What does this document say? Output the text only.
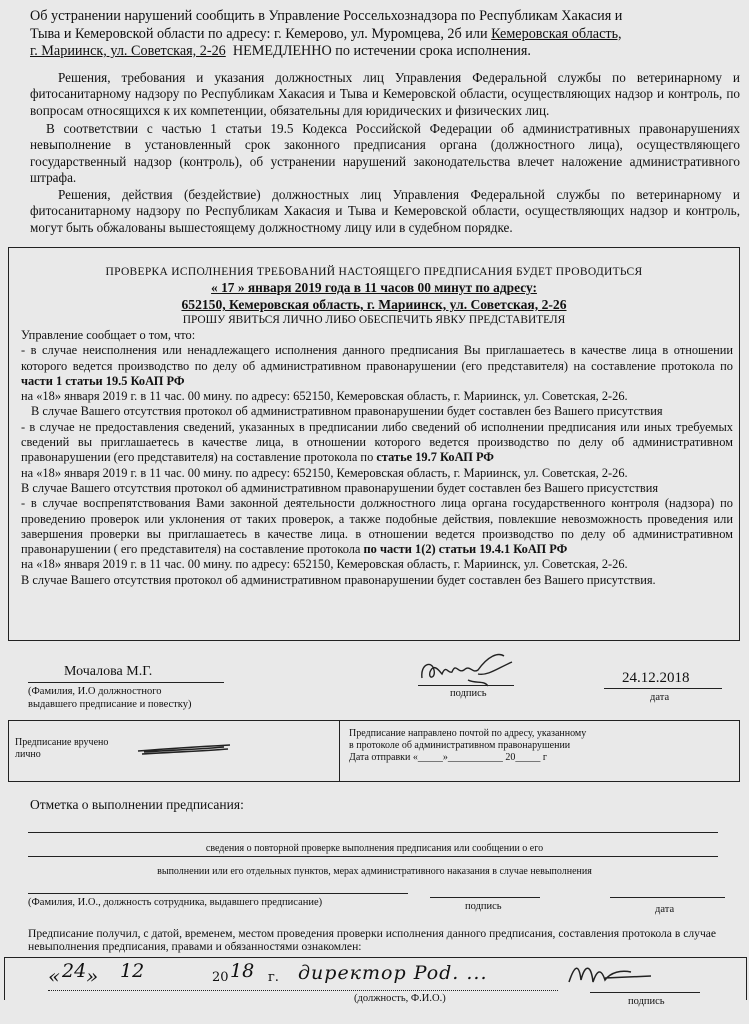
Об устранении нарушений сообщить в Управление Россельхознадзора по Республикам Хакасия и
Тыва и Кемеровской области по адресу: г. Кемерово, ул. Муромцева, 2б или Кемеровская область,
г. Мариинск, ул. Советская, 2-26 НЕМЕДЛЕННО по истечении срока исполнения.

Решения, требования и указания должностных лиц Управления Федеральной службы по ветеринарному и фитосанитарному надзору по Республикам Хакасия и Тыва и Кемеровской области, осуществляющих надзор и контроль, по вопросам относящихся к их компетенции, обязательны для юридических и физических лиц.

В соответствии с частью 1 статьи 19.5 Кодекса Российской Федерации об административных правонарушениях невыполнение в установленный срок законного предписания органа (должностного лица), осуществляющего государственный надзор (контроль), об устранении нарушений законодательства влечет наложение административного штрафа.

Решения, действия (бездействие) должностных лиц Управления Федеральной службы по ветеринарному и фитосанитарному надзору по Республикам Хакасия и Тыва и Кемеровской области, осуществляющих надзор и контроль, могут быть обжалованы вышестоящему должностному лицу или в судебном порядке.

ПРОВЕРКА ИСПОЛНЕНИЯ ТРЕБОВАНИЙ НАСТОЯЩЕГО ПРЕДПИСАНИЯ БУДЕТ ПРОВОДИТЬСЯ
« 17 » января 2019 года в 11 часов 00 минут по адресу:
652150, Кемеровская область, г. Мариинск, ул. Советская, 2-26
ПРОШУ ЯВИТЬСЯ ЛИЧНО ЛИБО ОБЕСПЕЧИТЬ ЯВКУ ПРЕДСТАВИТЕЛЯ
Управление сообщает о том, что:
- в случае неисполнения или ненадлежащего исполнения данного предписания Вы приглашаетесь в качестве лица в отношении которого ведется производство по делу об административном правонарушении (его представителя) на составление протокола по части 1 статьи 19.5 КоАП РФ
на «18» января 2019 г. в 11 час. 00 мину. по адресу: 652150, Кемеровская область, г. Мариинск, ул. Советская, 2-26.
В случае Вашего отсутствия протокол об административном правонарушении будет составлен без Вашего присутствия
- в случае не предоставления сведений, указанных в предписании либо сведений об исполнении предписания или иных требуемых сведений вы приглашаетесь в качестве лица, в отношении которого ведется производство по делу об административном правонарушении (его представителя) на составление протокола по статье 19.7 КоАП РФ
на «18» января 2019 г. в 11 час. 00 мину. по адресу: 652150, Кемеровская область, г. Мариинск, ул. Советская, 2-26.
В случае Вашего отсутствия протокол об административном правонарушении будет составлен без Вашего присустствия
- в случае воспрепятствования Вами законной деятельности должностного лица органа государственного контроля (надзора) по проведению проверок или уклонения от таких проверок, а также подобные действия, повлекшие невозможность проведения или завершения проверки вы приглашаетесь в качестве лица. в отношении ведется производство по делу об административном правонарушении ( его представителя) на составление протокола по части 1(2) статьи 19.4.1 КоАП РФ
на «18» января 2019 г. в 11 час. 00 мину. по адресу: 652150, Кемеровская область, г. Мариинск, ул. Советская, 2-26.
В случае Вашего отсутствия протокол об административном правонарушении будет составлен без Вашего присутствия.
Мочалова М.Г.
(Фамилия, И.О должностного выдавшего предписание и повестку)
подпись
24.12.2018
дата
Предписание вручено лично
Предписание направлено почтой по адресу, указанному
в протоколе об административном правонарушении
Дата отправки «_____»___________ 20_____ г
Отметка о выполнении предписания:
сведения о повторной проверке выполнения предписания или сообщении о его
выполнении или его отдельных пунктов, мерах административного наказания в случае невыполнения
(Фамилия, И.О., должность сотрудника, выдавшего предписание)	подпись	дата

Предписание получил, с датой, временем, местом проведения проверки исполнения данного предписания, составления протокола в случае невыполнения предписания, правами и обязанностями ознакомлен:

« 24 » 12	20 18 г. директор Pod. ...
(должность, Ф.И.О.)	подпись
